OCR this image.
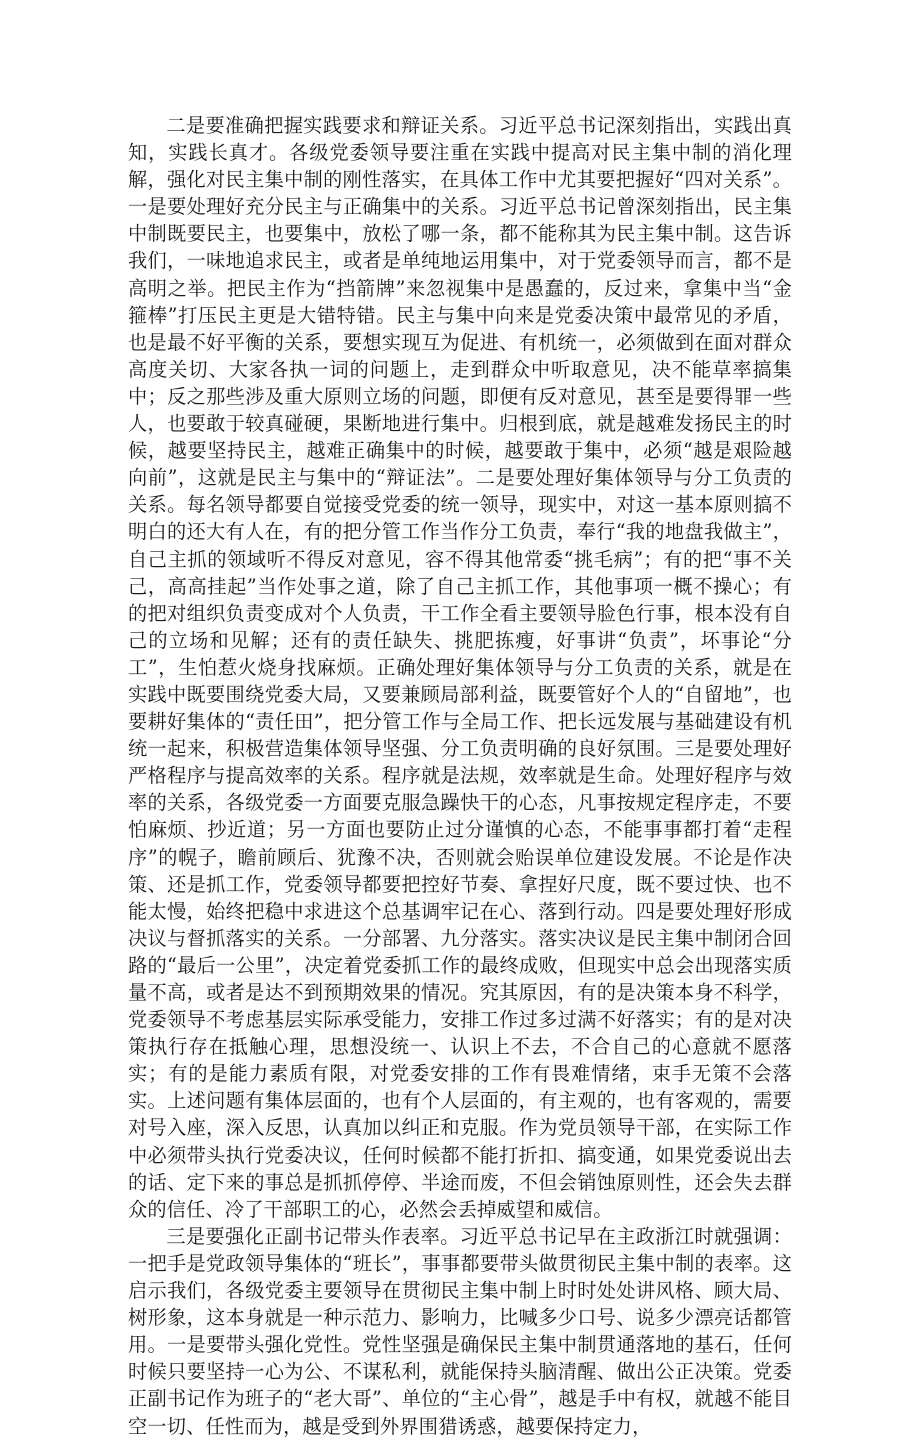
二是要准确把握实践要求和辩证关系。习近平总书记深刻指出，实践出真知，实践长真才。各级党委领导要注重在实践中提高对民主集中制的消化理解，强化对民主集中制的刚性落实，在具体工作中尤其要把握好“四对关系”。一是要处理好充分民主与正确集中的关系。习近平总书记曾深刻指出，民主集中制既要民主，也要集中，放松了哪一条，都不能称其为民主集中制。这告诉我们，一味地追求民主，或者是单纯地运用集中，对于党委领导而言，都不是高明之举。把民主作为“挡箭牌”来忽视集中是愚蠢的，反过来，拿集中当“金箍棒”打压民主更是大错特错。民主与集中向来是党委决策中最常见的矛盾，也是最不好平衡的关系，要想实现互为促进、有机统一，必须做到在面对群众高度关切、大家各执一词的问题上，走到群众中听取意见，决不能草率搞集中；反之那些涉及重大原则立场的问题，即便有反对意见，甚至是要得罪一些人，也要敢于较真碰硬，果断地进行集中。归根到底，就是越难发扬民主的时候，越要坚持民主，越难正确集中的时候，越要敢于集中，必须“越是艰险越向前”，这就是民主与集中的“辩证法”。二是要处理好集体领导与分工负责的关系。每名领导都要自觉接受党委的统一领导，现实中，对这一基本原则搞不明白的还大有人在，有的把分管工作当作分工负责，奉行“我的地盘我做主”，自己主抓的领域听不得反对意见，容不得其他常委“挑毛病”；有的把“事不关己，高高挂起”当作处事之道，除了自己主抓工作，其他事项一概不操心；有的把对组织负责变成对个人负责，干工作全看主要领导脸色行事，根本没有自己的立场和见解；还有的责任缺失、挑肥拣瘦，好事讲“负责”，坏事论“分工”，生怕惹火烧身找麻烦。正确处理好集体领导与分工负责的关系，就是在实践中既要围绕党委大局，又要兼顾局部利益，既要管好个人的“自留地”，也要耕好集体的“责任田”，把分管工作与全局工作、把长远发展与基础建设有机统一起来，积极营造集体领导坚强、分工负责明确的良好氛围。三是要处理好严格程序与提高效率的关系。程序就是法规，效率就是生命。处理好程序与效率的关系，各级党委一方面要克服急躁快干的心态，凡事按规定程序走，不要怕麻烦、抄近道；另一方面也要防止过分谨慎的心态，不能事事都打着“走程序”的幌子，瞻前顾后、犹豫不决，否则就会贻误单位建设发展。不论是作决策、还是抓工作，党委领导都要把控好节奏、拿捏好尺度，既不要过快、也不能太慢，始终把稳中求进这个总基调牢记在心、落到行动。四是要处理好形成决议与督抓落实的关系。一分部署、九分落实。落实决议是民主集中制闭合回路的“最后一公里”，决定着党委抓工作的最终成败，但现实中总会出现落实质量不高，或者是达不到预期效果的情况。究其原因，有的是决策本身不科学，党委领导不考虑基层实际承受能力，安排工作过多过满不好落实；有的是对决策执行存在抵触心理，思想没统一、认识上不去，不合自己的心意就不愿落实；有的是能力素质有限，对党委安排的工作有畏难情绪，束手无策不会落实。上述问题有集体层面的，也有个人层面的，有主观的，也有客观的，需要对号入座，深入反思，认真加以纠正和克服。作为党员领导干部，在实际工作中必须带头执行党委决议，任何时候都不能打折扣、搞变通，如果党委说出去的话、定下来的事总是抓抓停停、半途而废，不但会销蚀原则性，还会失去群众的信任、冷了干部职工的心，必然会丢掉威望和威信。

三是要强化正副书记带头作表率。习近平总书记早在主政浙江时就强调：一把手是党政领导集体的“班长”，事事都要带头做贯彻民主集中制的表率。这启示我们，各级党委主要领导在贯彻民主集中制上时时处处讲风格、顾大局、树形象，这本身就是一种示范力、影响力，比喊多少口号、说多少漂亮话都管用。一是要带头强化党性。党性坚强是确保民主集中制贯通落地的基石，任何时候只要坚持一心为公、不谋私利，就能保持头脑清醒、做出公正决策。党委正副书记作为班子的“老大哥”、单位的“主心骨”，越是手中有权，就越不能目空一切、任性而为，越是受到外界围猎诱惑，越要保持定力，
